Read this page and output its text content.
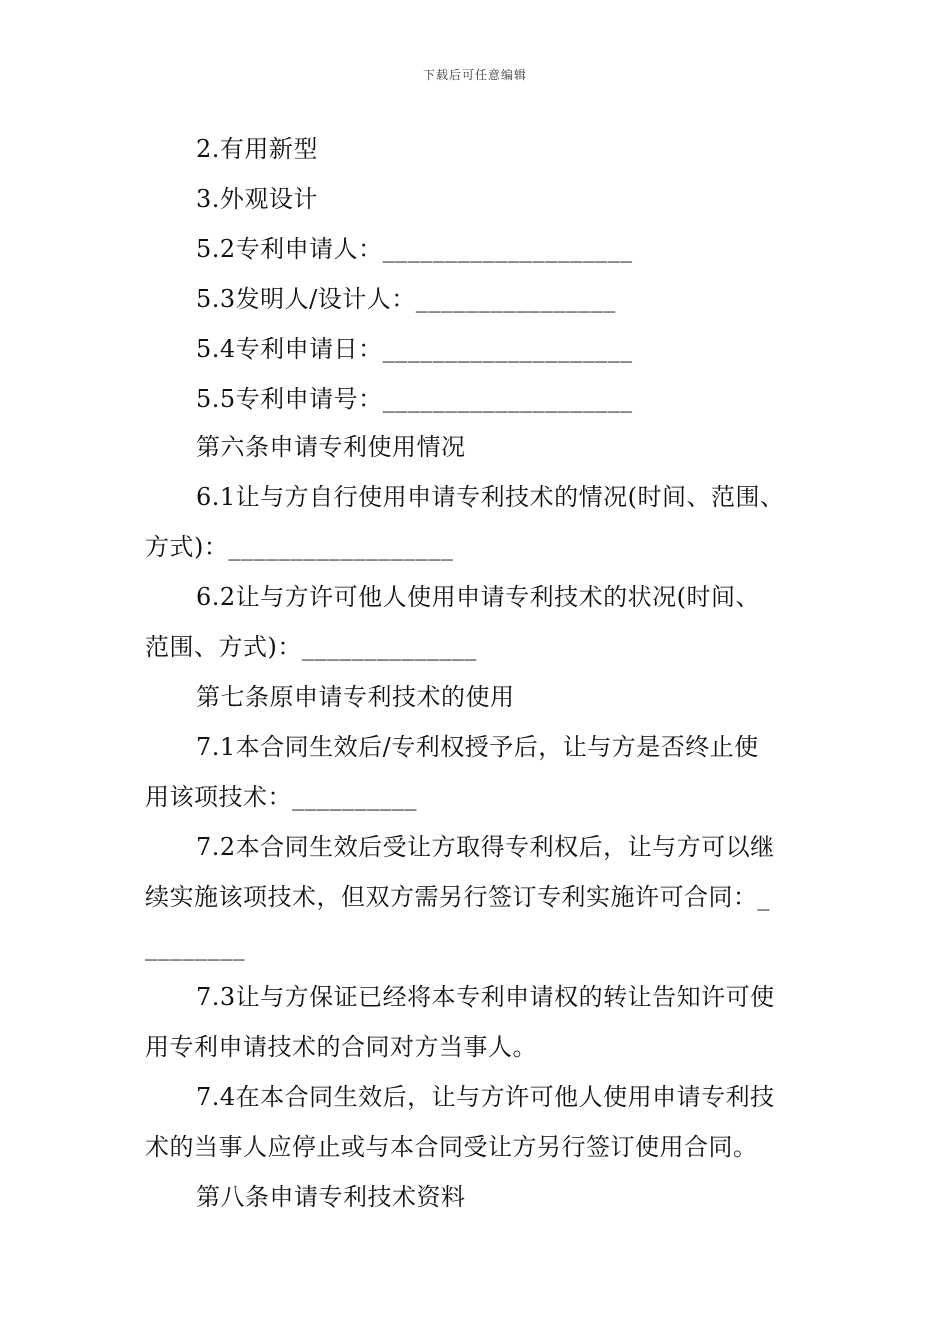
下载后可任意编辑
2.有用新型
3.外观设计
5.2专利申请人：____________________
5.3发明人/设计人：________________
5.4专利申请日：____________________
5.5专利申请号：____________________
第六条申请专利使用情况
6.1让与方自行使用申请专利技术的情况(时间、范围、
方式)：__________________
6.2让与方许可他人使用申请专利技术的状况(时间、
范围、方式)：______________
第七条原申请专利技术的使用
7.1本合同生效后/专利权授予后，让与方是否终止使
用该项技术：__________
7.2本合同生效后受让方取得专利权后，让与方可以继
续实施该项技术，但双方需另行签订专利实施许可合同：_
________
7.3让与方保证已经将本专利申请权的转让告知许可使
用专利申请技术的合同对方当事人。
7.4在本合同生效后，让与方许可他人使用申请专利技
术的当事人应停止或与本合同受让方另行签订使用合同。
第八条申请专利技术资料
